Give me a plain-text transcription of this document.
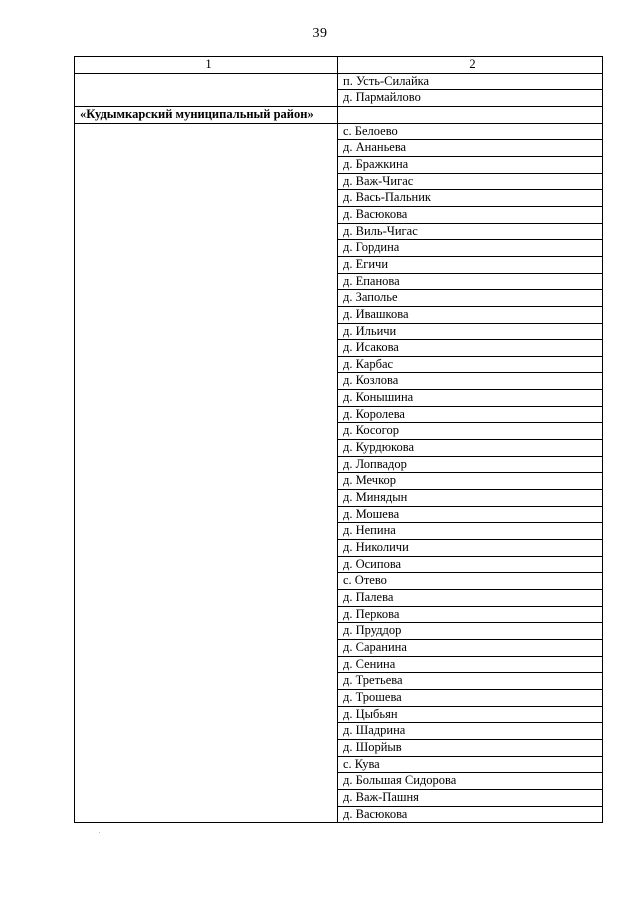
39
1	2
	п. Усть-Силайка
	д. Пармайлово
«Кудымкарский муниципальный район»	
	с. Белоево
	д. Ананьева
	д. Бражкина
	д. Важ-Чигас
	д. Вась-Пальник
	д. Васюкова
	д. Виль-Чигас
	д. Гордина
	д. Егичи
	д. Епанова
	д. Заполье
	д. Ивашкова
	д. Ильичи
	д. Исакова
	д. Карбас
	д. Козлова
	д. Конышина
	д. Королева
	д. Косогор
	д. Курдюкова
	д. Лопвадор
	д. Мечкор
	д. Минядын
	д. Мошева
	д. Непина
	д. Николичи
	д. Осипова
	с. Отево
	д. Палева
	д. Перкова
	д. Пруддор
	д. Саранина
	д. Сенина
	д. Третьева
	д. Трошева
	д. Цыбьян
	д. Шадрина
	д. Шорйыв
	с. Кува
	д. Большая Сидорова
	д. Важ-Пашня
	д. Васюкова
